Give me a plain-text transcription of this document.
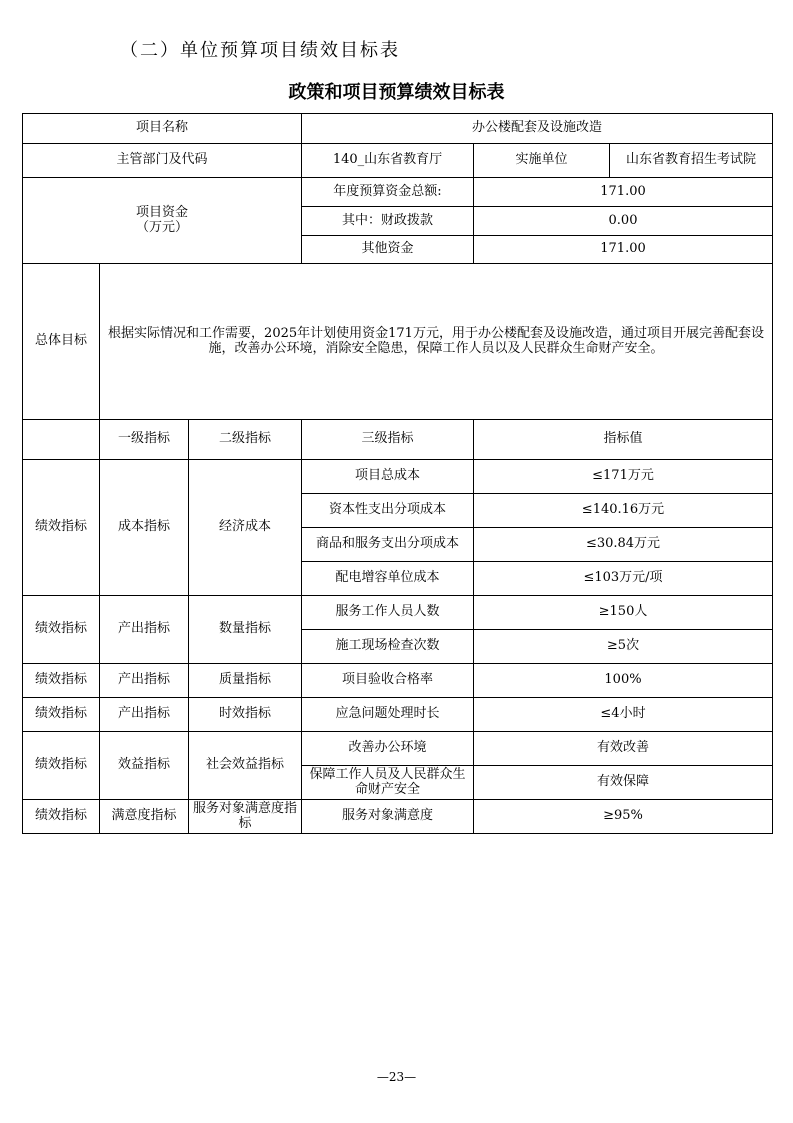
（二）单位预算项目绩效目标表
政策和项目预算绩效目标表
项目名称			办公楼配套及设施改造		
主管部门及代码			140_山东省教育厅	实施单位	山东省教育招生考试院

项目资金
（万元）			年度预算资金总额:	171.00	
			其中：财政拨款	0.00	
			其他资金	171.00	
总体目标	根据实际情况和工作需要，2025年计划使用资金171万元，用于办公楼配套及设施改造，通过项目开展完善配套设施，改善办公环境，消除安全隐患，保障工作人员以及人民群众生命财产安全。				
	一级指标	二级指标	三级指标	指标值	
绩效指标	成本指标	经济成本	项目总成本	≤171万元	
			资本性支出分项成本	≤140.16万元	
			商品和服务支出分项成本	≤30.84万元	
			配电增容单位成本	≤103万元/项	
绩效指标	产出指标	数量指标	服务工作人员人数	≥150人	
			施工现场检查次数	≥5次	
绩效指标	产出指标	质量指标	项目验收合格率	100%	
绩效指标	产出指标	时效指标	应急问题处理时长	≤4小时	
绩效指标	效益指标	社会效益指标	改善办公环境	有效改善	
			保障工作人员及人民群众生命财产安全	有效保障	
绩效指标	满意度指标	服务对象满意度指标	服务对象满意度	≥95%	
—23—
